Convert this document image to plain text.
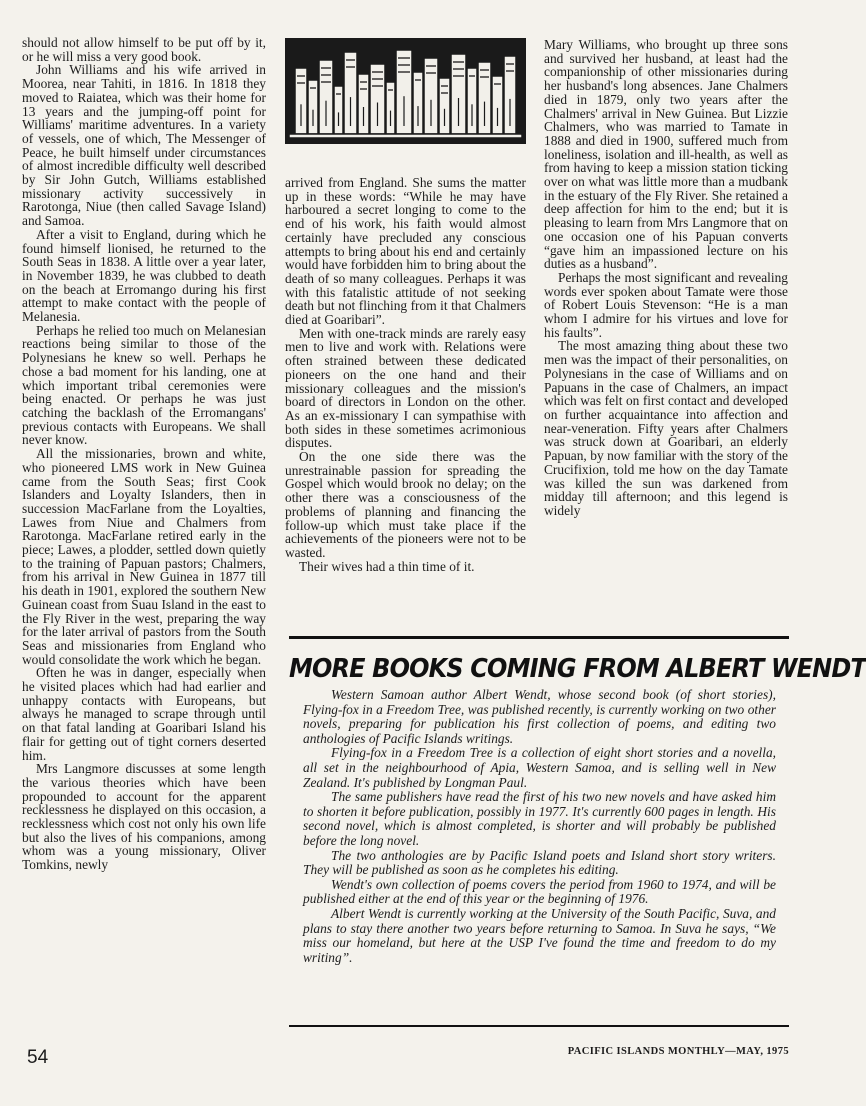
should not allow himself to be put off by it, or he will miss a very good book.

John Williams and his wife arrived in Moorea, near Tahiti, in 1816. In 1818 they moved to Raiatea, which was their home for 13 years and the jumping-off point for Williams' maritime adventures. In a variety of vessels, one of which, The Messenger of Peace, he built himself under circumstances of almost incredible difficulty well described by Sir John Gutch, Williams established missionary activity successively in Rarotonga, Niue (then called Savage Island) and Samoa.

After a visit to England, during which he found himself lionised, he returned to the South Seas in 1838. A little over a year later, in November 1839, he was clubbed to death on the beach at Erromango during his first attempt to make contact with the people of Melanesia.

Perhaps he relied too much on Melanesian reactions being similar to those of the Polynesians he knew so well. Perhaps he chose a bad moment for his landing, one at which important tribal ceremonies were being enacted. Or perhaps he was just catching the backlash of the Erromangans' previous contacts with Europeans. We shall never know.

All the missionaries, brown and white, who pioneered LMS work in New Guinea came from the South Seas; first Cook Islanders and Loyalty Islanders, then in succession MacFarlane from the Loyalties, Lawes from Niue and Chalmers from Rarotonga. MacFarlane retired early in the piece; Lawes, a plodder, settled down quietly to the training of Papuan pastors; Chalmers, from his arrival in New Guinea in 1877 till his death in 1901, explored the southern New Guinean coast from Suau Island in the east to the Fly River in the west, preparing the way for the later arrival of pastors from the South Seas and missionaries from England who would consolidate the work which he began.

Often he was in danger, especially when he visited places which had had earlier and unhappy contacts with Europeans, but always he managed to scrape through until on that fatal landing at Goaribari Island his flair for getting out of tight corners deserted him.

Mrs Langmore discusses at some length the various theories which have been propounded to account for the apparent recklessness he displayed on this occasion, a recklessness which cost not only his own life but also the lives of his companions, among whom was a young missionary, Oliver Tomkins, newly

arrived from England. She sums the matter up in these words: “While he may have harboured a secret longing to come to the end of his work, his faith would almost certainly have precluded any conscious attempts to bring about his end and certainly would have forbidden him to bring about the death of so many colleagues. Perhaps it was with this fatalistic attitude of not seeking death but not flinching from it that Chalmers died at Goaribari”.

Men with one-track minds are rarely easy men to live and work with. Relations were often strained between these dedicated pioneers on the one hand and their missionary colleagues and the mission's board of directors in London on the other. As an ex-missionary I can sympathise with both sides in these sometimes acrimonious disputes.

On the one side there was the unrestrainable passion for spreading the Gospel which would brook no delay; on the other there was a consciousness of the problems of planning and financing the follow-up which must take place if the achievements of the pioneers were not to be wasted.

Their wives had a thin time of it.

Mary Williams, who brought up three sons and survived her husband, at least had the companionship of other missionaries during her husband's long absences. Jane Chalmers died in 1879, only two years after the Chalmers' arrival in New Guinea. But Lizzie Chalmers, who was married to Tamate in 1888 and died in 1900, suffered much from loneliness, isolation and ill-health, as well as from having to keep a mission station ticking over on what was little more than a mudbank in the estuary of the Fly River. She retained a deep affection for him to the end; but it is pleasing to learn from Mrs Langmore that on one occasion one of his Papuan converts “gave him an impassioned lecture on his duties as a husband”.

Perhaps the most significant and revealing words ever spoken about Tamate were those of Robert Louis Stevenson: “He is a man whom I admire for his virtues and love for his faults”.

The most amazing thing about these two men was the impact of their personalities, on Polynesians in the case of Williams and on Papuans in the case of Chalmers, an impact which was felt on first contact and developed on further acquaintance into affection and near-veneration. Fifty years after Chalmers was struck down at Goaribari, an elderly Papuan, by now familiar with the story of the Crucifixion, told me how on the day Tamate was killed the sun was darkened from midday till afternoon; and this legend is widely

MORE BOOKS COMING FROM ALBERT WENDT

Western Samoan author Albert Wendt, whose second book (of short stories), Flying-fox in a Freedom Tree, was published recently, is currently working on two other novels, preparing for publication his first collection of poems, and editing two anthologies of Pacific Islands writings.

Flying-fox in a Freedom Tree is a collection of eight short stories and a novella, all set in the neighbourhood of Apia, Western Samoa, and is selling well in New Zealand. It's published by Longman Paul.

The same publishers have read the first of his two new novels and have asked him to shorten it before publication, possibly in 1977. It's currently 600 pages in length. His second novel, which is almost completed, is shorter and will probably be published before the long novel.

The two anthologies are by Pacific Island poets and Island short story writers. They will be published as soon as he completes his editing.

Wendt's own collection of poems covers the period from 1960 to 1974, and will be published either at the end of this year or the beginning of 1976.

Albert Wendt is currently working at the University of the South Pacific, Suva, and plans to stay there another two years before returning to Samoa. In Suva he says, “We miss our homeland, but here at the USP I've found the time and freedom to do my writing”.

54	PACIFIC ISLANDS MONTHLY—MAY, 1975
